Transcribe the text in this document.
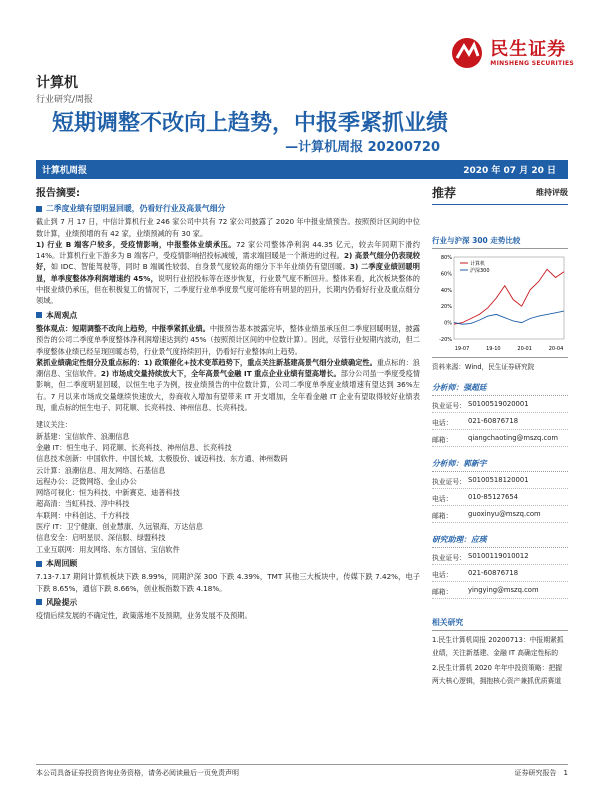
民生证券
MINSHENG SECURITIES
计算机
行业研究/周报
短期调整不改向上趋势，中报季紧抓业绩
—计算机周报 20200720
计算机周报	2020 年 07 月 20 日
报告摘要:
二季度业绩有望明显回暖，仍看好行业及高景气细分
截止到 7 月 17 日，中信计算机行业 246 家公司中共有 72 家公司披露了 2020 年中报业绩预告。按照预计区间的中位数计算，业绩预增的有 42 家，业绩预减的有 30 家。
1) 行业 B 端客户较多，受疫情影响，中报整体业绩承压。72 家公司整体净利润 44.35 亿元，较去年同期下滑约 14%。计算机行业下游多为 B 端客户，受疫情影响招投标减缓，需求端回暖是一个渐进的过程。2) 高景气细分仍表现较好，如 IDC、智能驾驶等，同时 B 端属性较弱、自身景气度较高的细分下半年业绩仍有望回暖。3) 二季度业绩回暖明显，单季度整体净利润增速约 45%，说明行业招投标等在逐步恢复，行业景气度不断回升。整体来看，此次板块整体的中报业绩仍承压，但在积极复工的情况下，二季度行业单季度景气度可能将有明显的回升，长期内仍看好行业及重点细分领域。
本周观点
整体观点：短期调整不改向上趋势，中报季紧抓业绩。中报预告基本披露完毕，整体业绩虽承压但二季度回暖明显，披露预告的公司二季度单季度整体净利润增速达到约 45%（按照预计区间的中位数计算）。因此，尽管行业短期内波动，但二季度整体业绩已经呈现回暖态势，行业景气度持续回升，仍看好行业整体向上趋势。
紧抓业绩确定性细分及重点标的：1) 政策催化+技术变革趋势下，重点关注新基建高景气细分业绩确定性。重点标的：浪潮信息、宝信软件。2) 市场成交量持续放大下，全年高景气金融 IT 重点企业业绩有望高增长。部分公司虽一季度受疫情影响，但二季度明显回暖，以恒生电子为例，按业绩预告的中位数计算，公司二季度单季度业绩增速有望达到 36%左右。7 月以来市场成交量继续快速放大，券商收入增加有望带来 IT 开支增加，全年看金融 IT 企业有望取得较好业绩表现，重点标的恒生电子、同花顺、长亮科技、神州信息、长亮科技。
建议关注：
新基建：宝信软件、浪潮信息
金融 IT：恒生电子、同花顺、长亮科技、神州信息、长亮科技
信息技术创新：中国软件、中国长城、太极股份、诚迈科技、东方通、神州数码
云计算：浪潮信息、用友网络、石基信息
远程办公：泛微网络、金山办公
网络可视化：恒为科技、中新赛克、迪普科技
超高清：当虹科技、淳中科技
车联网：中科创达、千方科技
医疗 IT：卫宁健康、创业慧康、久远银海、万达信息
信息安全：启明星辰、深信服、绿盟科技
工业互联网：用友网络、东方国信、宝信软件
本周回顾
7.13-7.17 期间计算机板块下跌 8.99%，同期沪深 300 下跌 4.39%，TMT 其他三大板块中，传媒下跌 7.42%，电子下跌 8.65%，通信下跌 8.66%，创业板指数下跌 4.18%。
风险提示
疫情后续发展的不确定性，政策落地不及预期，业务发展不及预期。
推荐	维持评级
行业与沪深 300 走势比较
80%
60%
40%
20%
0%
-20%
19-07	19-10	20-01	20-04
计算机
沪深300
资料来源：Wind，民生证券研究院
分析师：强超廷
执业证号： S0100519020001
电话：	021-60876718
邮箱：	qiangchaoting@mszq.com
分析师：郭新宇
执业证号： S0100518120001
电话：	010-85127654
邮箱：	guoxinyu@mszq.com
研究助理：应瑛
执业证号： S0100119010012
电话：	021-60876718
邮箱：	yingying@mszq.com
相关研究
1.民生计算机周报 20200713：中报期紧抓业绩，关注新基建、金融 IT 高确定性标的
2.民生计算机 2020 年年中投资策略：把握两大核心逻辑，拥抱核心资产兼抓优质赛道
本公司具备证券投资咨询业务资格，请务必阅读最后一页免责声明	证券研究报告　1
